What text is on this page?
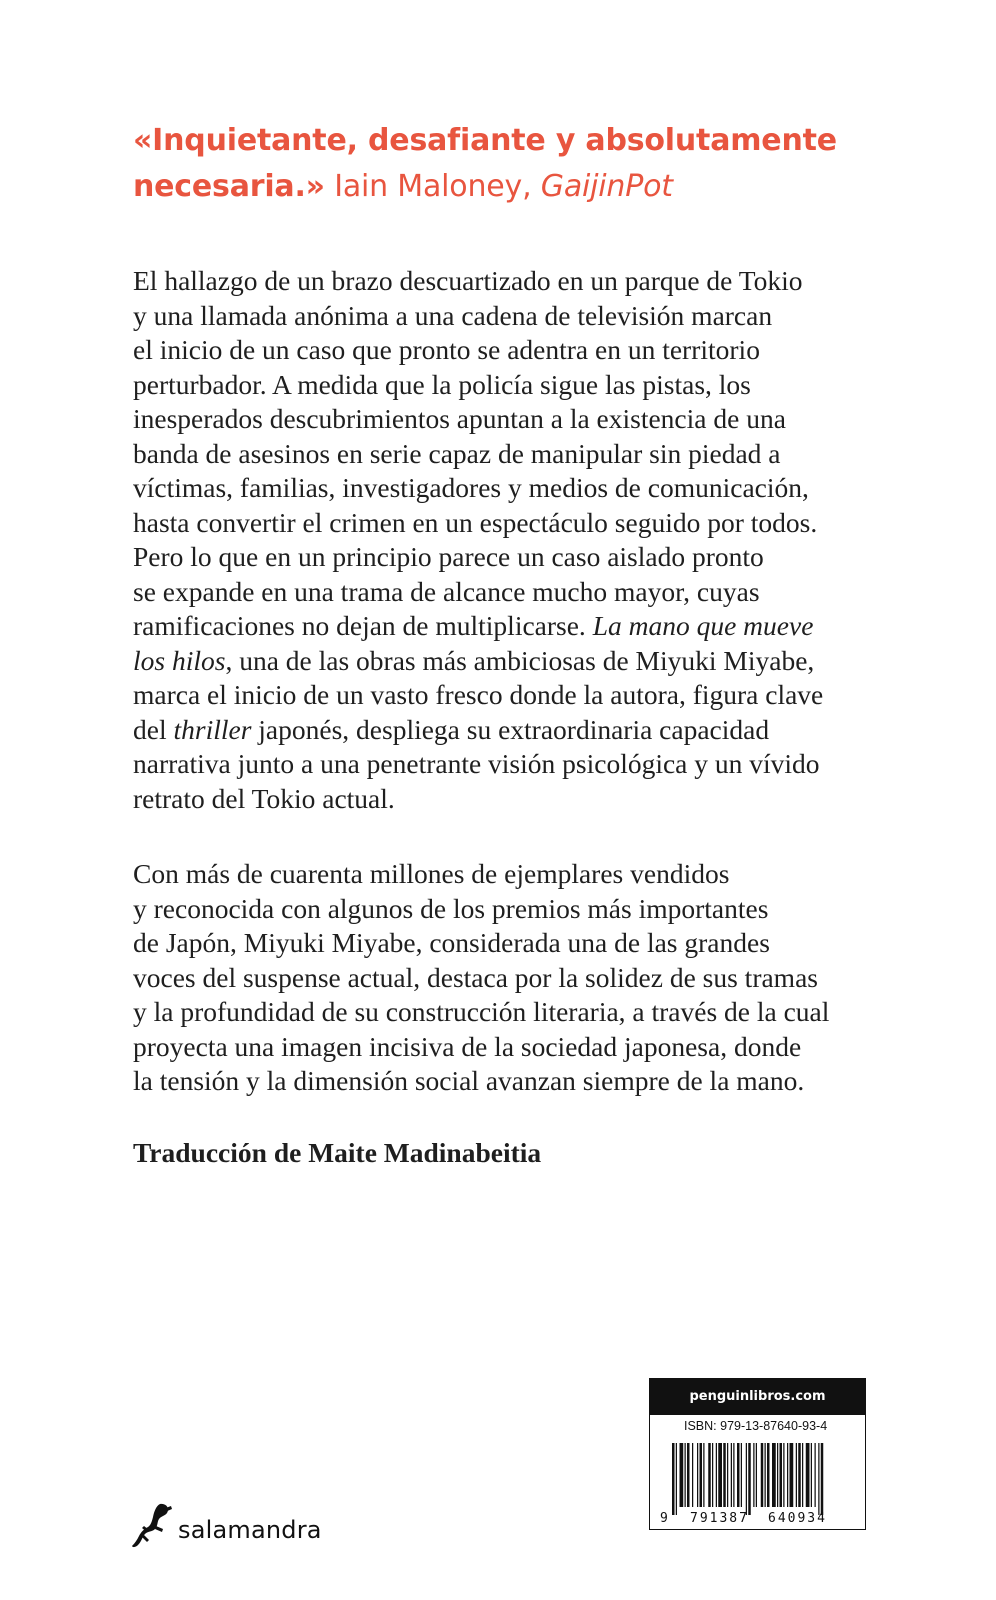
«Inquietante, desafiante y absolutamente
necesaria.» Iain Maloney, GaijinPot
El hallazgo de un brazo descuartizado en un parque de Tokio
y una llamada anónima a una cadena de televisión marcan
el inicio de un caso que pronto se adentra en un territorio
perturbador. A medida que la policía sigue las pistas, los
inesperados descubrimientos apuntan a la existencia de una
banda de asesinos en serie capaz de manipular sin piedad a
víctimas, familias, investigadores y medios de comunicación,
hasta convertir el crimen en un espectáculo seguido por todos.
Pero lo que en un principio parece un caso aislado pronto
se expande en una trama de alcance mucho mayor, cuyas
ramificaciones no dejan de multiplicarse. La mano que mueve
los hilos, una de las obras más ambiciosas de Miyuki Miyabe,
marca el inicio de un vasto fresco donde la autora, figura clave
del thriller japonés, despliega su extraordinaria capacidad
narrativa junto a una penetrante visión psicológica y un vívido
retrato del Tokio actual.
Con más de cuarenta millones de ejemplares vendidos
y reconocida con algunos de los premios más importantes
de Japón, Miyuki Miyabe, considerada una de las grandes
voces del suspense actual, destaca por la solidez de sus tramas
y la profundidad de su construcción literaria, a través de la cual
proyecta una imagen incisiva de la sociedad japonesa, donde
la tensión y la dimensión social avanzan siempre de la mano.
Traducción de Maite Madinabeitia
salamandra
penguinlibros.com
ISBN: 979-13-87640-93-4
9 791387 640934
